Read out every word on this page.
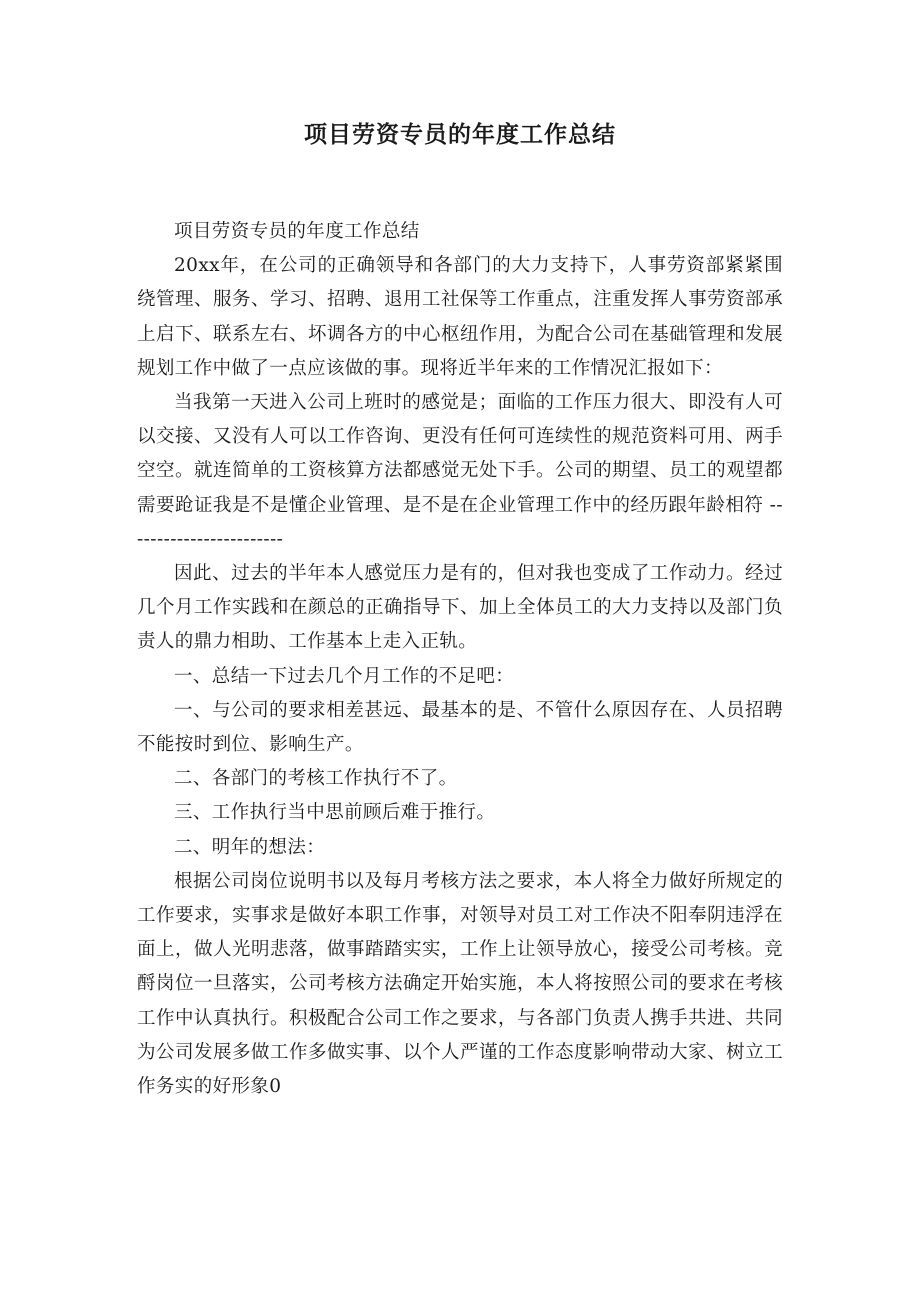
项目劳资专员的年度工作总结

项目劳资专员的年度工作总结

20xx年，在公司的正确领导和各部门的大力支持下，人事劳资部紧紧围绕管理、服务、学习、招聘、退用工社保等工作重点，注重发挥人事劳资部承上启下、联系左右、坏调各方的中心枢纽作用，为配合公司在基础管理和发展规划工作中做了一点应该做的事。现将近半年来的工作情况汇报如下：

当我第一天进入公司上班时的感觉是；面临的工作压力很大、即没有人可以交接、又没有人可以工作咨询、更没有任何可连续性的规范资料可用、两手空空。就连简单的工资核算方法都感觉无处下手。公司的期望、员工的观望都需要跄证我是不是懂企业管理、是不是在企业管理工作中的经历跟年龄相符 ------------------------

因此、过去的半年本人感觉压力是有的，但对我也变成了工作动力。经过几个月工作实践和在颜总的正确指导下、加上全体员工的大力支持以及部门负责人的鼎力相助、工作基本上走入正轨。

一、总结一下过去几个月工作的不足吧：

一、与公司的要求相差甚远、最基本的是、不管什么原因存在、人员招聘不能按时到位、影响生产。

二、各部门的考核工作执行不了。

三、工作执行当中思前顾后难于推行。

二、明年的想法：

根据公司岗位说明书以及每月考核方法之要求，本人将全力做好所规定的工作要求，实事求是做好本职工作事，对领导对员工对工作决不阳奉阴违浮在面上，做人光明悲落，做事踏踏实实，工作上让领导放心，接受公司考核。竞酹岗位一旦落实，公司考核方法确定开始实施，本人将按照公司的要求在考核工作中认真执行。积极配合公司工作之要求，与各部门负责人携手共进、共同为公司发展多做工作多做实事、以个人严谨的工作态度影响带动大家、树立工作务实的好形象0
